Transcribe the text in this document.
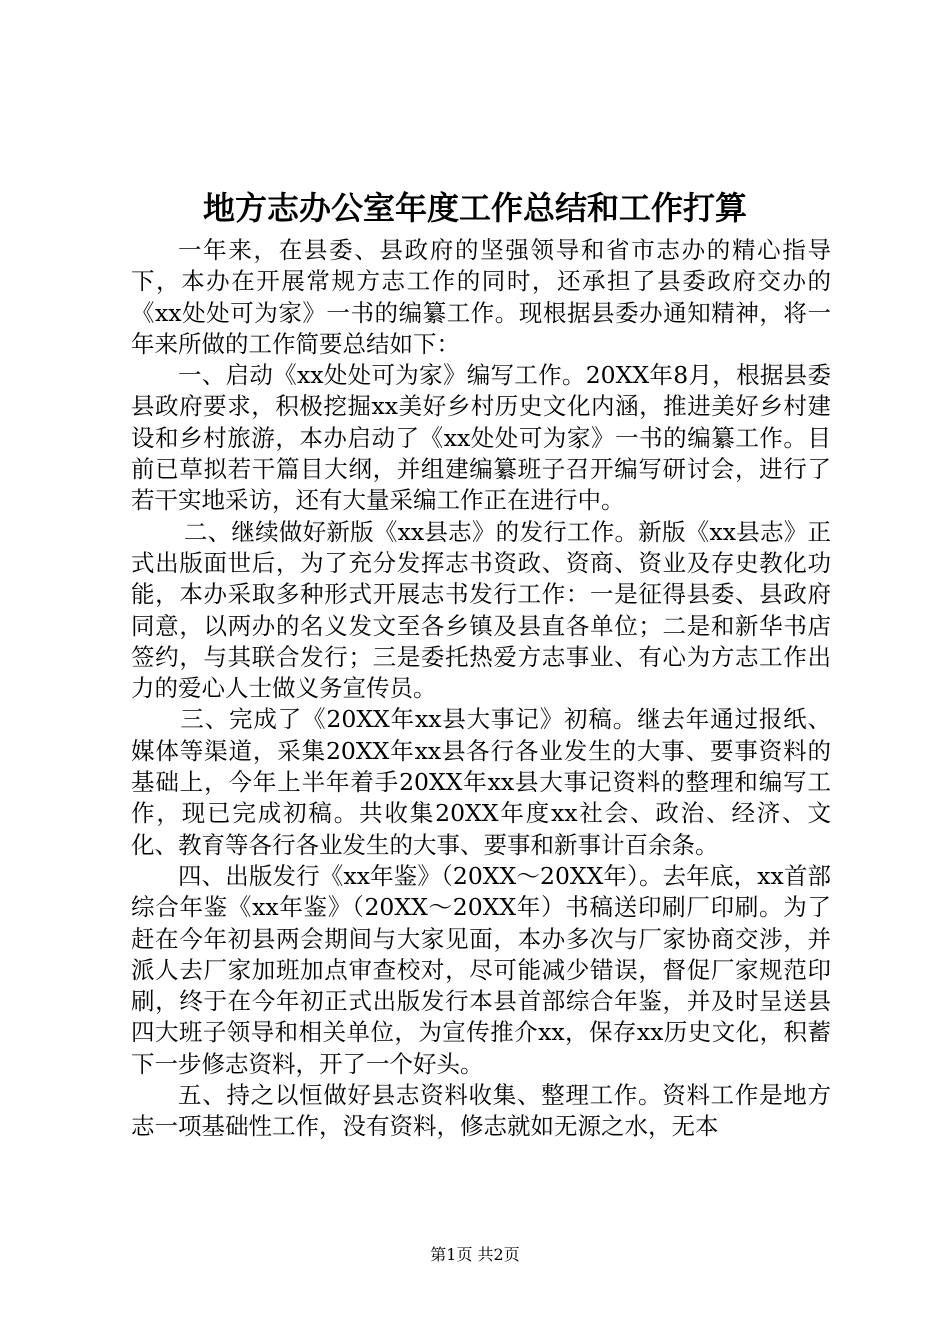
地方志办公室年度工作总结和工作打算

一年来，在县委、县政府的坚强领导和省市志办的精心指导下，本办在开展常规方志工作的同时，还承担了县委政府交办的《xx处处可为家》一书的编纂工作。现根据县委办通知精神，将一年来所做的工作简要总结如下：

一、启动《xx处处可为家》编写工作。20XX年8月，根据县委县政府要求，积极挖掘xx美好乡村历史文化内涵，推进美好乡村建设和乡村旅游，本办启动了《xx处处可为家》一书的编纂工作。目前已草拟若干篇目大纲，并组建编纂班子召开编写研讨会，进行了若干实地采访，还有大量采编工作正在进行中。

二、继续做好新版《xx县志》的发行工作。新版《xx县志》正式出版面世后，为了充分发挥志书资政、资商、资业及存史教化功能，本办采取多种形式开展志书发行工作：一是征得县委、县政府同意，以两办的名义发文至各乡镇及县直各单位；二是和新华书店签约，与其联合发行；三是委托热爱方志事业、有心为方志工作出力的爱心人士做义务宣传员。

三、完成了《20XX年xx县大事记》初稿。继去年通过报纸、媒体等渠道，采集20XX年xx县各行各业发生的大事、要事资料的基础上，今年上半年着手20XX年xx县大事记资料的整理和编写工作，现已完成初稿。共收集20XX年度xx社会、政治、经济、文化、教育等各行各业发生的大事、要事和新事计百余条。

四、出版发行《xx年鉴》（20XX～20XX年）。去年底，xx首部综合年鉴《xx年鉴》（20XX～20XX年）书稿送印刷厂印刷。为了赶在今年初县两会期间与大家见面，本办多次与厂家协商交涉，并派人去厂家加班加点审查校对，尽可能减少错误，督促厂家规范印刷，终于在今年初正式出版发行本县首部综合年鉴，并及时呈送县四大班子领导和相关单位，为宣传推介xx，保存xx历史文化，积蓄下一步修志资料，开了一个好头。

五、持之以恒做好县志资料收集、整理工作。资料工作是地方志一项基础性工作，没有资料，修志就如无源之水，无本

第1页 共2页
